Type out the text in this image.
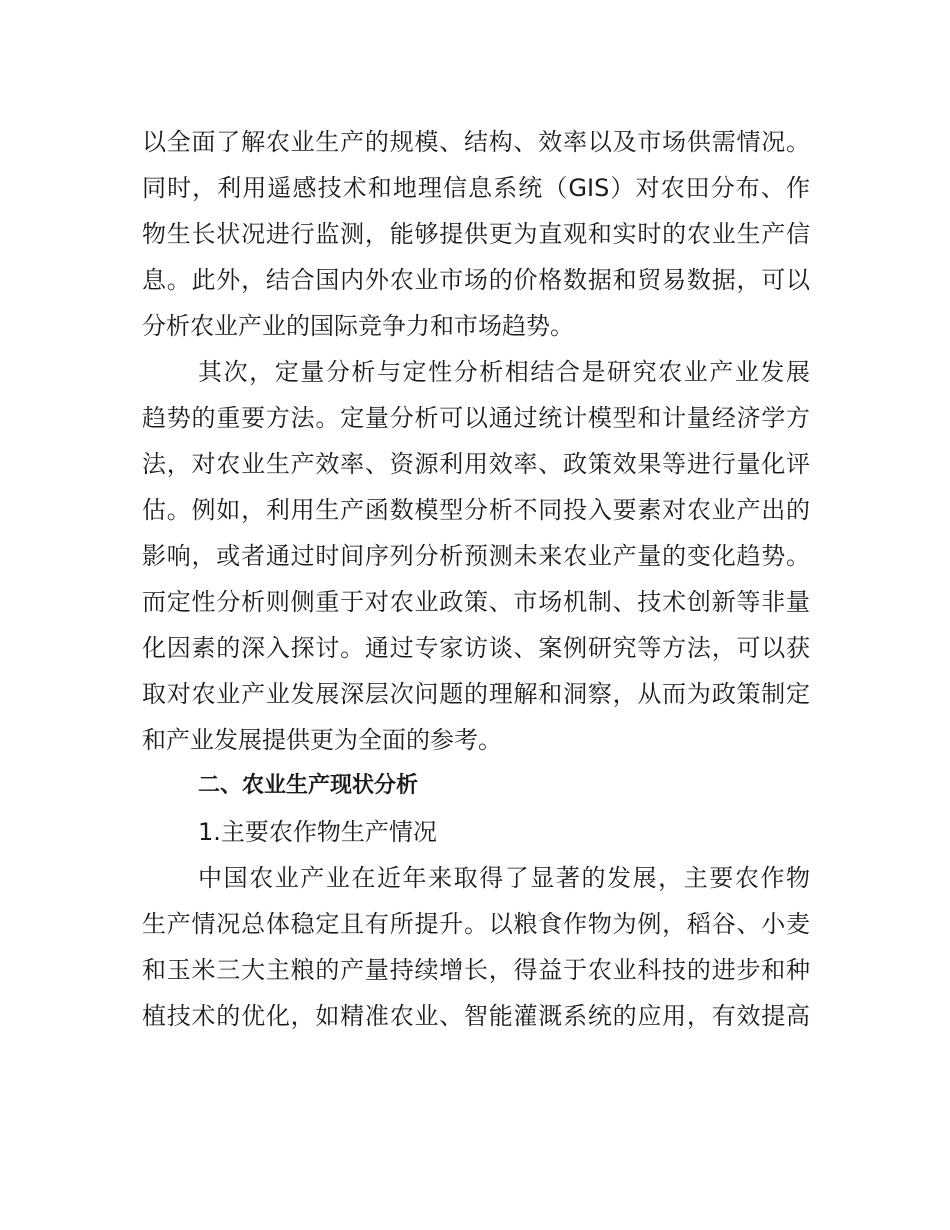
以全面了解农业生产的规模、结构、效率以及市场供需情况。
同时，利用遥感技术和地理信息系统（GIS）对农田分布、作
物生长状况进行监测，能够提供更为直观和实时的农业生产信
息。此外，结合国内外农业市场的价格数据和贸易数据，可以
分析农业产业的国际竞争力和市场趋势。
其次，定量分析与定性分析相结合是研究农业产业发展
趋势的重要方法。定量分析可以通过统计模型和计量经济学方
法，对农业生产效率、资源利用效率、政策效果等进行量化评
估。例如，利用生产函数模型分析不同投入要素对农业产出的
影响，或者通过时间序列分析预测未来农业产量的变化趋势。
而定性分析则侧重于对农业政策、市场机制、技术创新等非量
化因素的深入探讨。通过专家访谈、案例研究等方法，可以获
取对农业产业发展深层次问题的理解和洞察，从而为政策制定
和产业发展提供更为全面的参考。
二、农业生产现状分析
1.主要农作物生产情况
中国农业产业在近年来取得了显著的发展，主要农作物
生产情况总体稳定且有所提升。以粮食作物为例，稻谷、小麦
和玉米三大主粮的产量持续增长，得益于农业科技的进步和种
植技术的优化，如精准农业、智能灌溉系统的应用，有效提高
